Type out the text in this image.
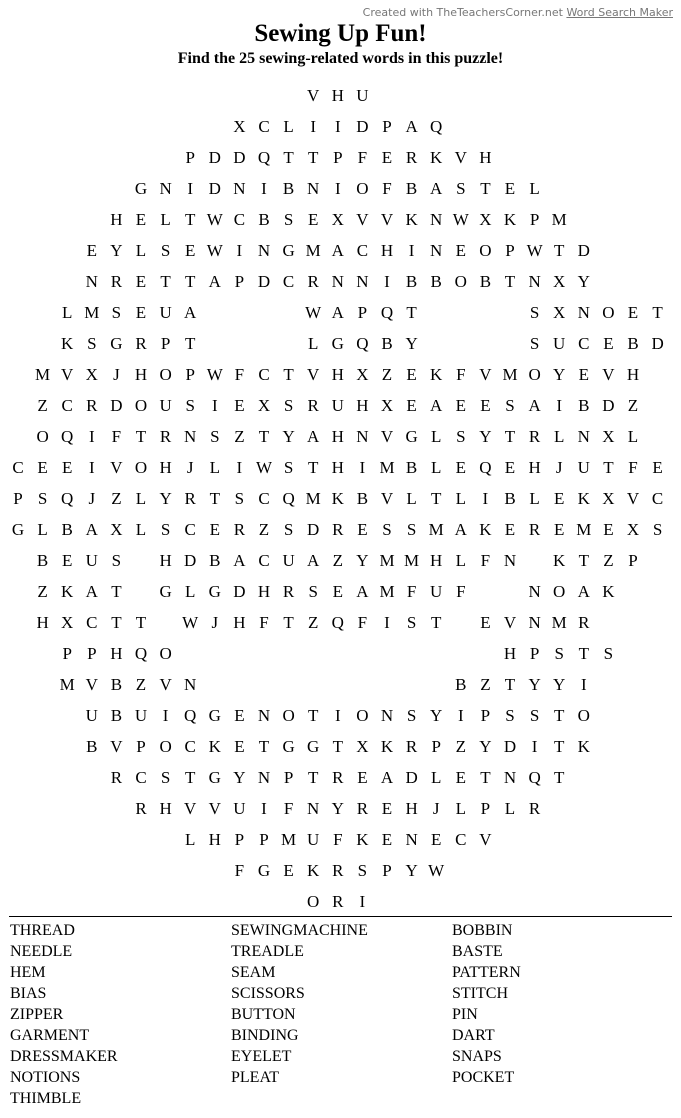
Created with TheTeachersCorner.net Word Search Maker
Sewing Up Fun!
Find the 25 sewing-related words in this puzzle!
V H U
X C L I	I D P A Q
P D D Q T T P F E R K V H
G N I D N I B N I O F B A S T E L
H E L T W C B S E X V V K N W X K P M
E Y L S E W I N G M A C H I N E O P W T D
N R E T T A P D C R N N I B B O B T N X Y
L M S E U A	W A P Q T	S X N O E T
K S G R P T	L G Q B Y	S U C E B D
M V X J H O P W F C T V H X Z E K F V M O Y E V H
Z C R D O U S	I E X S R U H X E A E E S A I B D Z
O Q I	F T R N S Z T Y A H N V G L S Y T R L N X L
C E E I V O H J L I W S T H I M B L E Q E H J U T F E
P S Q J Z L Y R T S C Q M K B V L T L I B L E K X V C
G L B A X L S C E R Z S D R E S S M A K E R E M E X S
B E U S	H D B A C U A Z Y M M H L F N	K T Z P
Z K A T	G L G D H R S E A M F U F	N O A K
H X C T T	W J H F T Z Q F	I	S T	E V N M R
P P H Q O	H P S T S
M V B Z V N	B Z T Y Y I
U B U I Q G E N O T I O N S Y I	P S S T O
B V P O C K E T G G T X K R P Z Y D I T K
R C S T G Y N P T R E A D L E T N Q T
R H V V U I	F N Y R E H J L P L R
L H P P M U F K E N E C V
F G E K R S P Y W
O R I
THREAD
NEEDLE
HEM
BIAS
ZIPPER
GARMENT
DRESSMAKER
NOTIONS
THIMBLE
SEWINGMACHINE
TREADLE
SEAM
SCISSORS
BUTTON
BINDING
EYELET
PLEAT
BOBBIN
BASTE
PATTERN
STITCH
PIN
DART
SNAPS
POCKET
